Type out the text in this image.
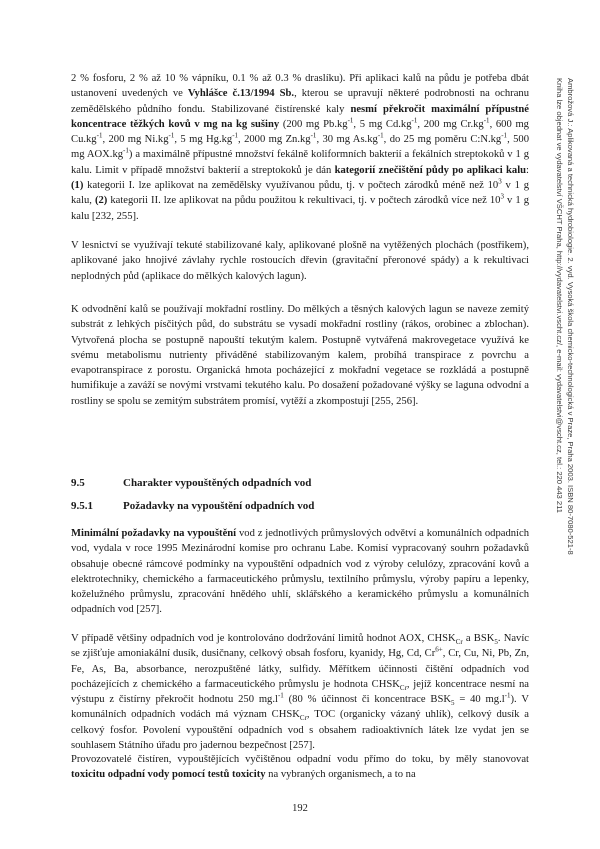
Ambrožová J.: Aplikovaná a technická hydrobiologie. 2. vyd. Vysoká škola chemicko-technologická v Praze, Praha 2003. ISBN 80-7080-521-8
Kniha lze objednat ve vydavatelství VŠCHT Praha, http://vydavatelstvi.vscht.cz/, e-mail: vydavatelstvi@vscht.cz, tel.: 220 443 211

2 % fosforu, 2 % až 10 % vápníku, 0.1 % až 0.3 % draslíku). Při aplikaci kalů na půdu je potřeba dbát ustanovení uvedených ve Vyhlášce č.13/1994 Sb., kterou se upravují některé podrobnosti na ochranu zemědělského půdního fondu. Stabilizované čistírenské kaly nesmí překročit maximální přípustné koncentrace těžkých kovů v mg na kg sušiny (200 mg $Pb.kg^{-1}$, 5 mg $Cd.kg^{-1}$, 200 mg $Cr.kg^{-1}$, 600 mg $Cu.kg^{-1}$, 200 mg $Ni.kg^{-1}$, 5 mg $Hg.kg^{-1}$, 2000 mg $Zn.kg^{-1}$, 30 mg $As.kg^{-1}$, do 25 mg poměru $C:N.kg^{-1}$, 500 mg $AOX.kg^{-1}$) a maximálně přípustné množství fekálně koliformních bakterií a fekálních streptokoků v 1 g kalu. Limit v případě množství bakterií a streptokoků je dán kategorií znečištění půdy po aplikaci kalu: (1) kategorii I. lze aplikovat na zemědělsky využívanou půdu, tj. v počtech zárodků méně než $10^3$ v 1 g kalu, (2) kategorii II. lze aplikovat na půdu použitou k rekultivaci, tj. v počtech zárodků více než $10^3$ v 1 g kalu [232, 255].

V lesnictví se využívají tekuté stabilizované kaly, aplikované plošně na vytěžených plochách (postřikem), aplikované jako hnojivé závlahy rychle rostoucích dřevin (gravitační přeronové spády) a k rekultivaci neplodných půd (aplikace do mělkých kalových lagun).

K odvodnění kalů se používají mokřadní rostliny. Do mělkých a těsných kalových lagun se naveze zemitý substrát z lehkých písčitých půd, do substrátu se vysadí mokřadní rostliny (rákos, orobinec a zblochan). Vytvořená plocha se postupně napouští tekutým kalem. Postupně vytvářená makrovegetace využívá ke svému metabolismu nutrienty přiváděné stabilizovaným kalem, probíhá transpirace z povrchu a evapotranspirace z porostu. Organická hmota pocházející z mokřadní vegetace se rozkládá a postupně humifikuje a zaváží se novými vrstvami tekutého kalu. Po dosažení požadované výšky se laguna odvodní a rostliny se spolu se zemitým substrátem promísí, vytěží a zkompostují [255, 256].

9.5	Charakter vypouštěných odpadních vod
9.5.1	Požadavky na vypouštění odpadních vod

Minimální požadavky na vypouštění vod z jednotlivých průmyslových odvětví a komunálních odpadních vod, vydala v roce 1995 Mezinárodní komise pro ochranu Labe. Komisí vypracovaný souhrn požadavků obsahuje obecné rámcové podmínky na vypouštění odpadních vod z výroby celulózy, zpracování kovů a elektrotechniky, chemického a farmaceutického průmyslu, textilního průmyslu, výroby papíru a lepenky, koželužného průmyslu, zpracování hnědého uhlí, sklářského a keramického průmyslu a komunálních odpadních vod [257].

V případě většiny odpadních vod je kontrolováno dodržování limitů hodnot AOX, $CHSK_{Cr}$ a $BSK_5$. Navíc se zjišťuje amoniakální dusík, dusičnany, celkový obsah fosforu, kyanidy, Hg, Cd, $Cr^{6+}$, Cr, Cu, Ni, Pb, Zn, Fe, As, Ba, absorbance, nerozpuštěné látky, sulfidy. Měřítkem účinnosti čištění odpadních vod pocházejících z chemického a farmaceutického průmyslu je hodnota $CHSK_{Cr}$, jejíž koncentrace nesmí na výstupu z čistírny překročit hodnotu 250 $mg.l^{-1}$ (80 % účinnost či koncentrace $BSK_5 = 40$ $mg.l^{-1}$). V komunálních odpadních vodách má význam $CHSK_{Cr}$, TOC (organicky vázaný uhlík), celkový dusík a celkový fosfor. Povolení vypouštění odpadních vod s obsahem radioaktivních látek lze vydat jen se souhlasem Státního úřadu pro jadernou bezpečnost [257].

Provozovatelé čistíren, vypouštějících vyčištěnou odpadní vodu přímo do toku, by měly stanovovat toxicitu odpadní vody pomocí testů toxicity na vybraných organismech, a to na

192
